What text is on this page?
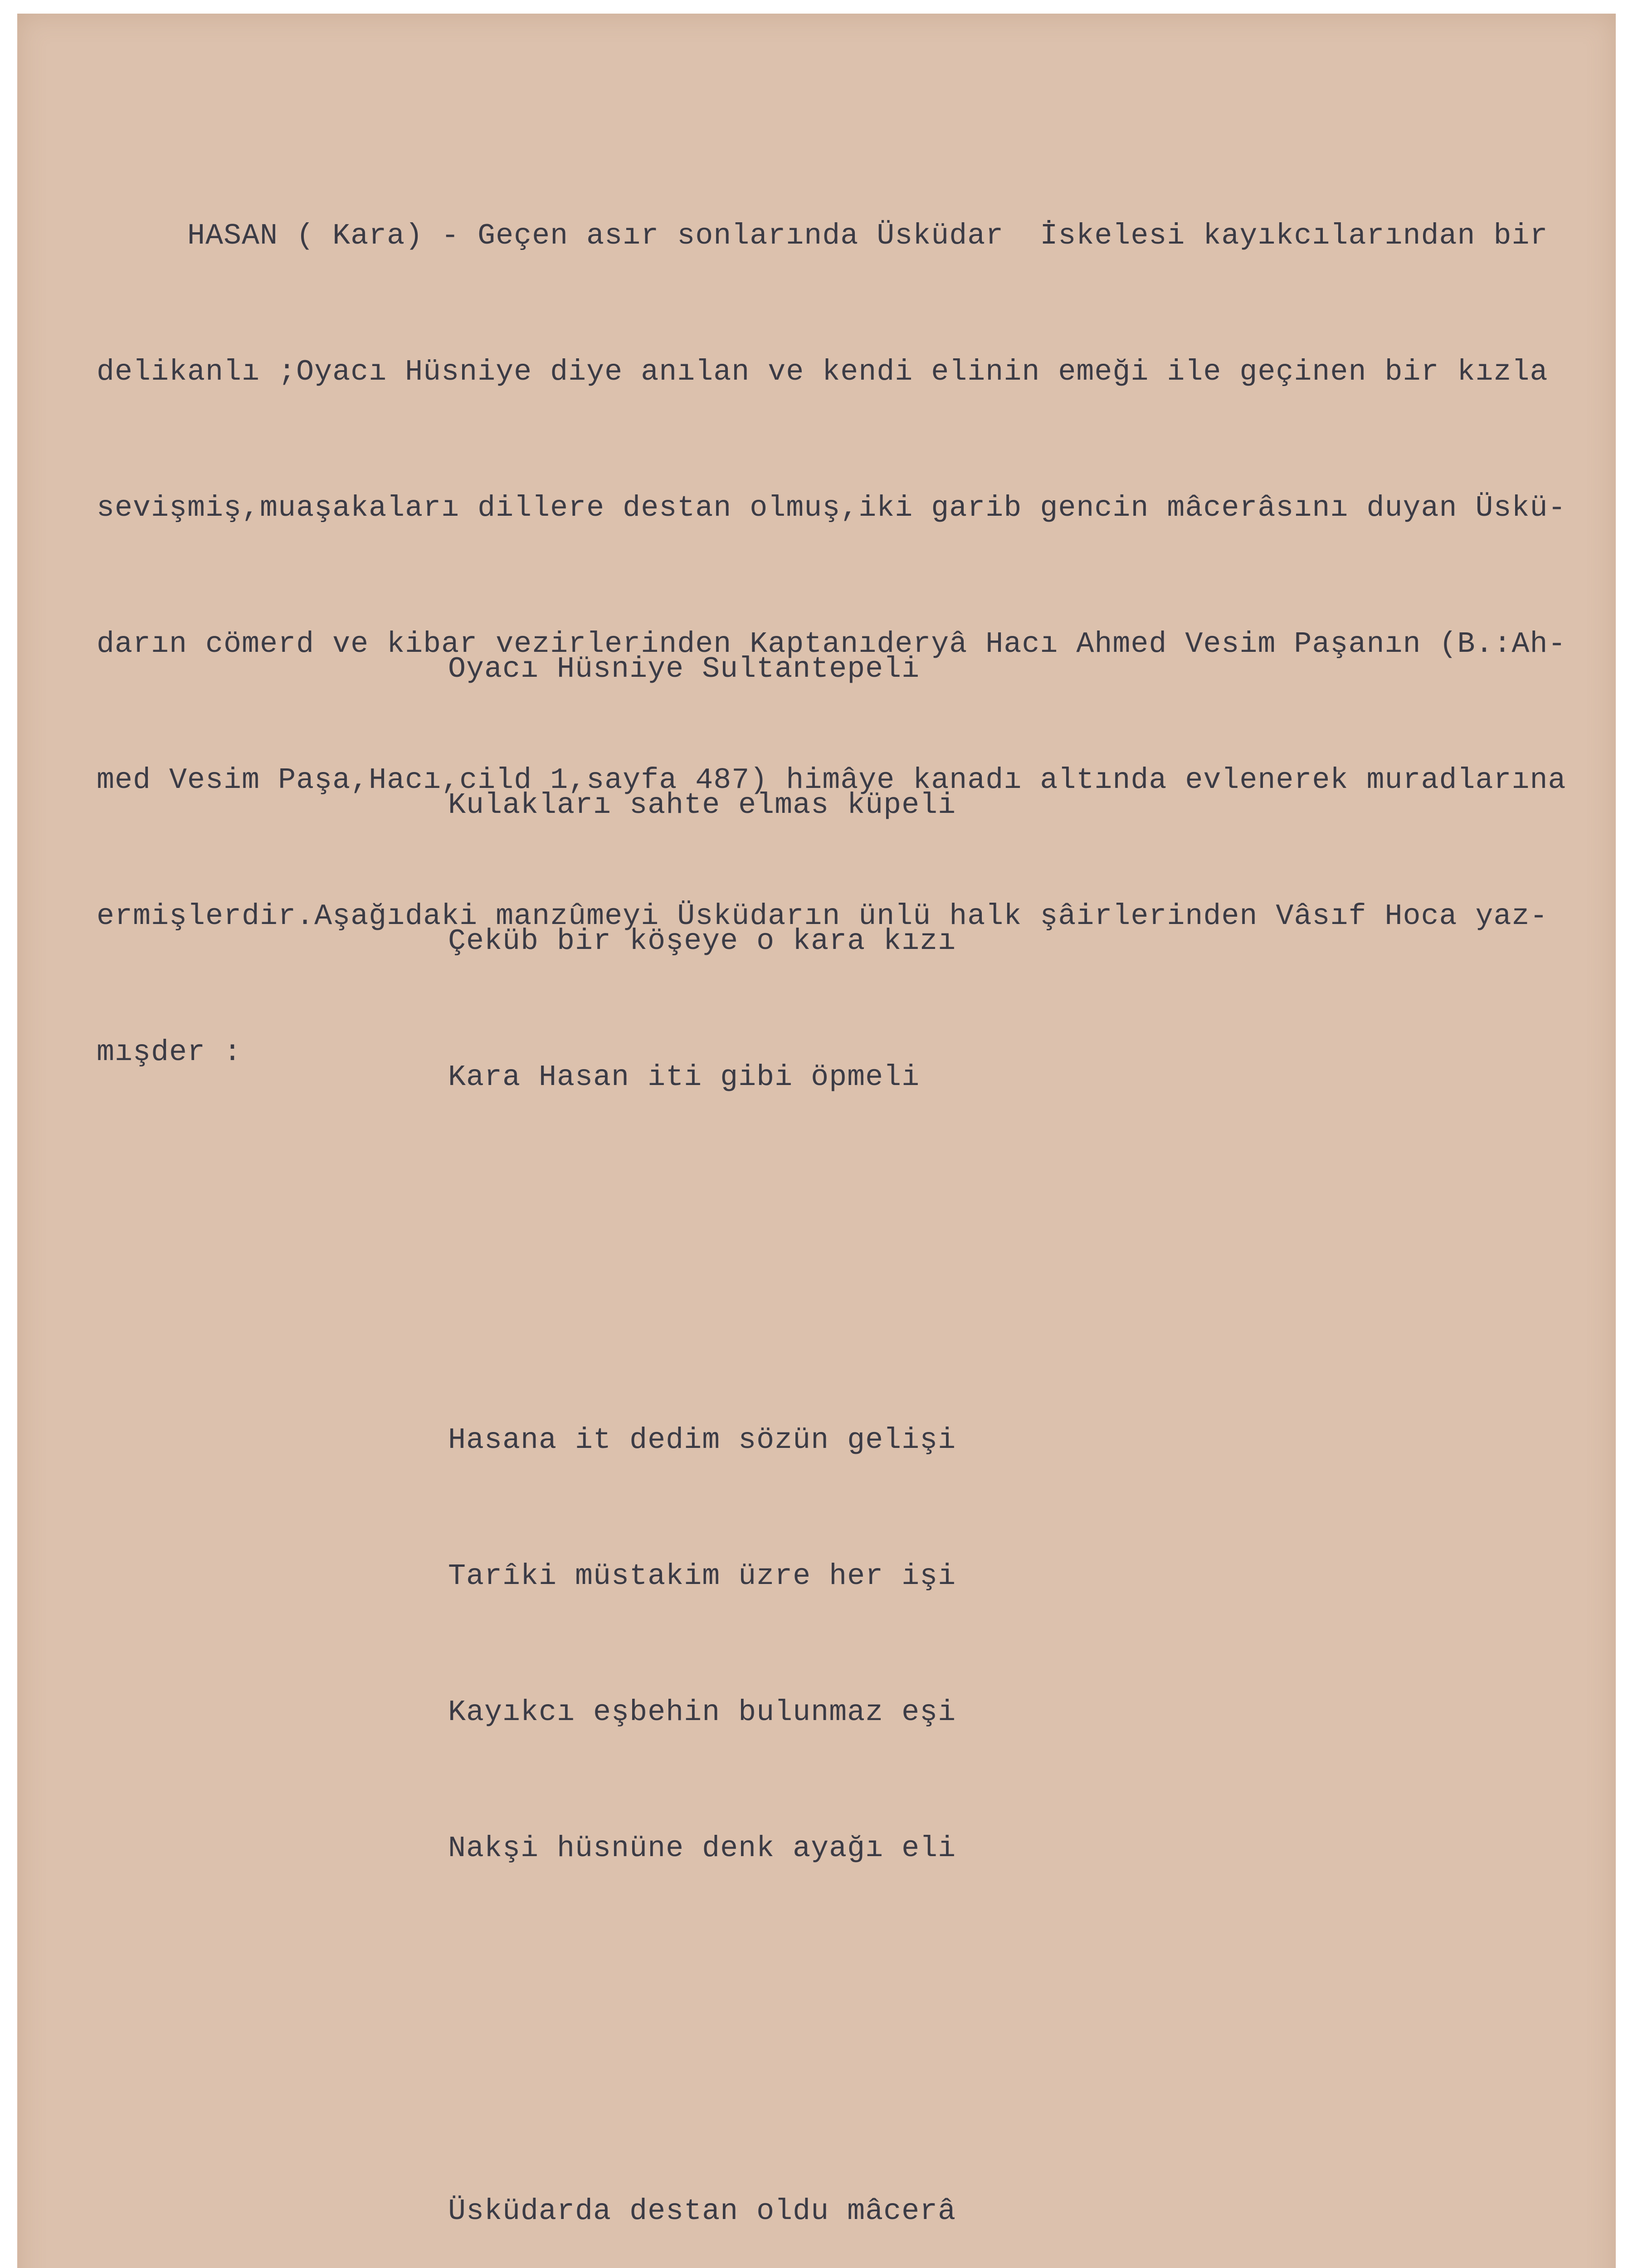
HASAN ( Kara) - Geçen asır sonlarında Üsküdar  İskelesi kayıkcılarından bir

delikanlı ;Oyacı Hüsniye diye anılan ve kendi elinin emeği ile geçinen bir kızla

sevişmiş,muaşakaları dillere destan olmuş,iki garib gencin mâcerâsını duyan Üskü-

darın cömerd ve kibar vezirlerinden Kaptanıderyâ Hacı Ahmed Vesim Paşanın (B.:Ah-

med Vesim Paşa,Hacı,cild 1,sayfa 487) himâye kanadı altında evlenerek muradlarına

ermişlerdir.Aşağıdaki manzûmeyi Üsküdarın ünlü halk şâirlerinden Vâsıf Hoca yaz-

mışder :

Oyacı Hüsniye Sultantepeli

Kulakları sahte elmas küpeli

Çeküb bir köşeye o kara kızı

Kara Hasan iti gibi öpmeli

Hasana it dedim sözün gelişi

Tarîki müstakim üzre her işi

Kayıkcı eşbehin bulunmaz eşi

Nakşi hüsnüne denk ayağı eli

Üsküdarda destan oldu mâcerâ
